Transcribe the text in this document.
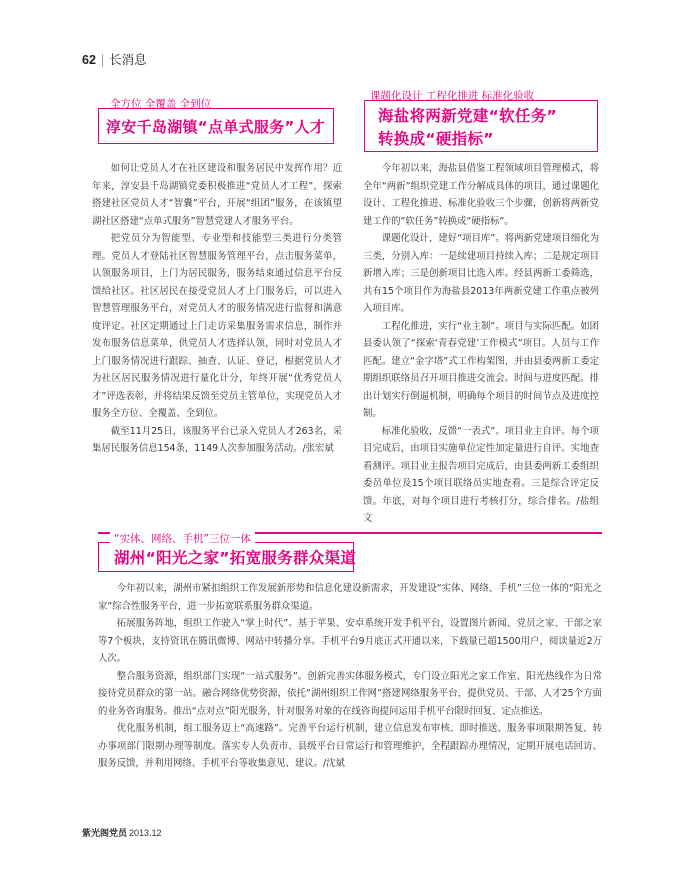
62 | 长消息
全方位 全覆盖 全到位
淳安千岛湖镇“点单式服务”人才

如何让党员人才在社区建设和服务居民中发挥作用？近年来，淳安县千岛湖镇党委积极推进“党员人才工程”，探索搭建社区党员人才“智囊”平台，开展“组团”服务，在该镇望湖社区搭建“点单式服务”智慧党建人才服务平台。

把党员分为智能型、专业型和技能型三类进行分类管理。党员人才登陆社区智慧服务管理平台，点击服务菜单，认领服务项目，上门为居民服务，服务结束通过信息平台反馈给社区。社区居民在接受党员人才上门服务后，可以进入智慧管理服务平台，对党员人才的服务情况进行监督和满意度评定。社区定期通过上门走访采集服务需求信息，制作并发布服务信息菜单，供党员人才选择认领，同时对党员人才上门服务情况进行跟踪、抽查、认证、登记，根据党员人才为社区居民服务情况进行量化计分，年终开展“优秀党员人才”评选表彰，并将结果反馈至党员主管单位，实现党员人才服务全方位、全覆盖、全到位。

截至11月25日，该服务平台已录入党员人才263名，采集居民服务信息154条，1149人次参加服务活动。/张宏斌

课题化设计 工程化推进 标准化验收
海盐将两新党建“软任务”
转换成“硬指标”

今年初以来，海盐县借鉴工程领域项目管理模式，将全年“两新”组织党建工作分解成具体的项目，通过课题化设计、工程化推进、标准化验收三个步骤，创新将两新党建工作的“软任务”转换成“硬指标”。

课题化设计，建好“项目库”。将两新党建项目细化为三类，分别入库：一是续建项目持续入库；二是规定项目新增入库；三是创新项目比选入库。经县两新工委筛选，共有15个项目作为海盐县2013年两新党建工作重点被列入项目库。

工程化推进，实行“业主制”。项目与实际匹配。如团县委认领了“探索‘青春党建’工作模式”项目。人员与工作匹配。建立“金字塔”式工作构架图，并由县委两新工委定期组织联络员召开项目推进交流会。时间与进度匹配。排出计划实行倒逼机制，明确每个项目的时间节点及进度控制。

标准化验收，反馈“一表式”。项目业主自评。每个项目完成后，由项目实施单位定性加定量进行自评。实地查看测评。项目业主报告项目完成后，由县委两新工委组织委员单位及15个项目联络员实地查看。三是综合评定反馈。年底，对每个项目进行考核打分，综合排名。/盐组文

“实体、网络、手机”三位一体
湖州“阳光之家”拓宽服务群众渠道

今年初以来，湖州市紧扣组织工作发展新形势和信息化建设新需求，开发建设“实体、网络、手机”三位一体的“阳光之家”综合性服务平台，进一步拓宽联系服务群众渠道。

拓展服务阵地，组织工作驶入“掌上时代”。基于苹果、安卓系统开发手机平台，设置图片新闻、党员之家、干部之家等7个板块，支持资讯在腾讯微博、网站中转播分享。手机平台9月底正式开通以来，下载量已超1500用户，阅读量近2万人次。

整合服务资源，组织部门实现“一站式服务”。创新完善实体服务模式，专门设立阳光之家工作室、阳光热线作为日常接待党员群众的第一站。融合网络优势资源，依托“湖州组织工作网”搭建网络服务平台，提供党员、干部、人才25个方面的业务咨询服务。推出“点对点”阳光服务，针对服务对象的在线咨询提问运用手机平台限时回复、定点推送。

优化服务机制，组工服务迈上“高速路”。完善平台运行机制，建立信息发布审核、即时推送、服务事项限期答复、转办事项部门限期办理等制度。落实专人负责市、县级平台日常运行和管理维护，全程跟踪办理情况，定期开展电话回访、服务反馈，并利用网络、手机平台等收集意见、建议。/沈斌

紫光阁党员 2013.12
